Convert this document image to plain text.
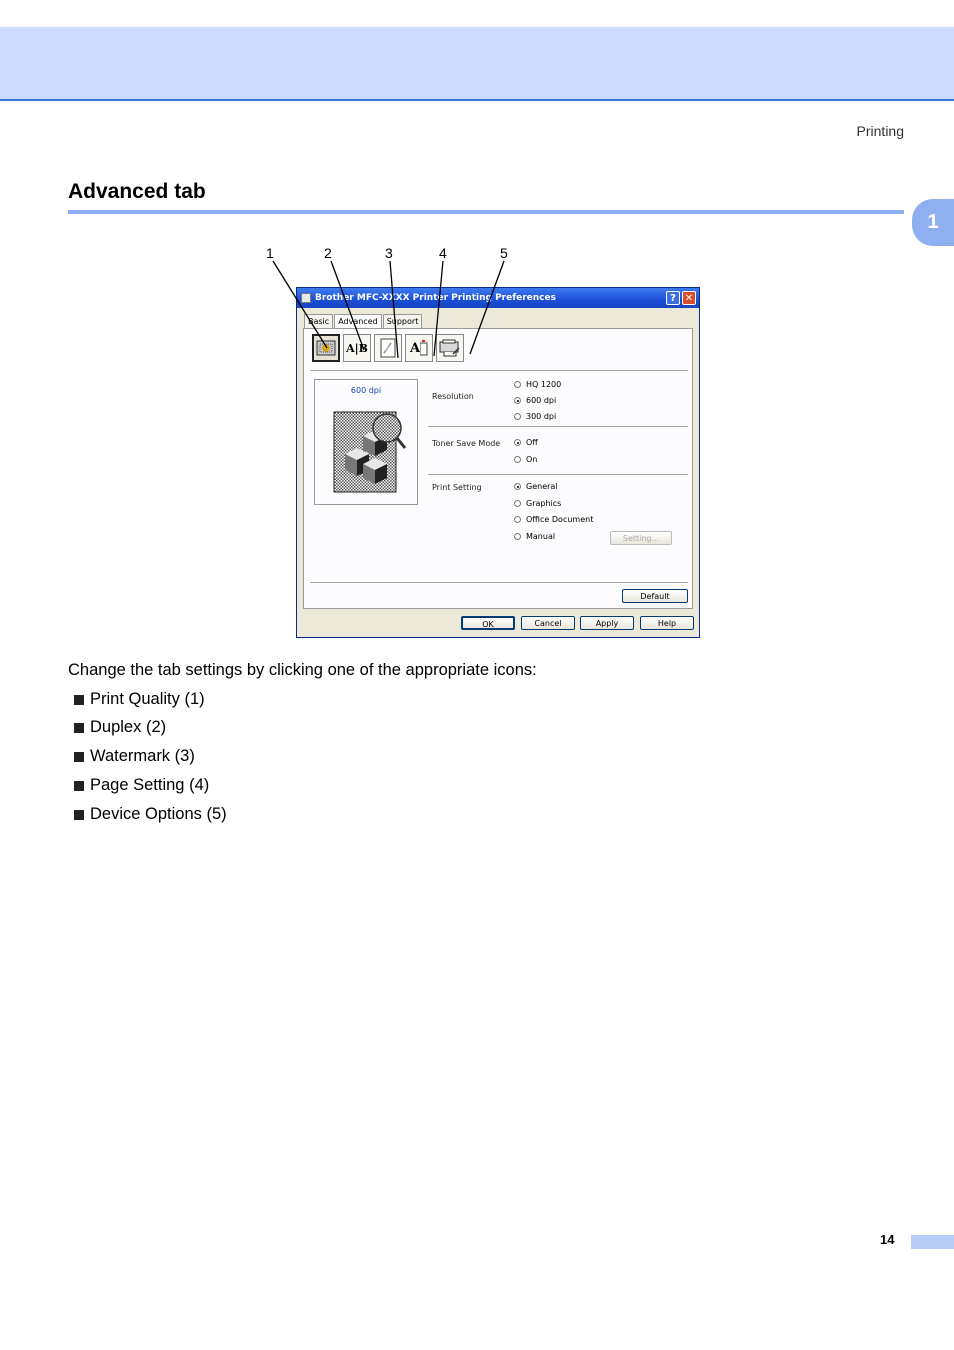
Printing
Advanced tab
1
1	2	3	4	5
Brother MFC-XXXX Printer Printing Preferences	? ✕
Basic	Advanced	Support
A|B	A
600 dpi
Resolution
HQ 1200
600 dpi
300 dpi
Toner Save Mode	Off
On
Print Setting	General
Graphics
Office Document
Manual	Setting...
Default
OK	Cancel	Apply	Help
Change the tab settings by clicking one of the appropriate icons:
Print Quality (1)
Duplex (2)
Watermark (3)
Page Setting (4)
Device Options (5)
14
